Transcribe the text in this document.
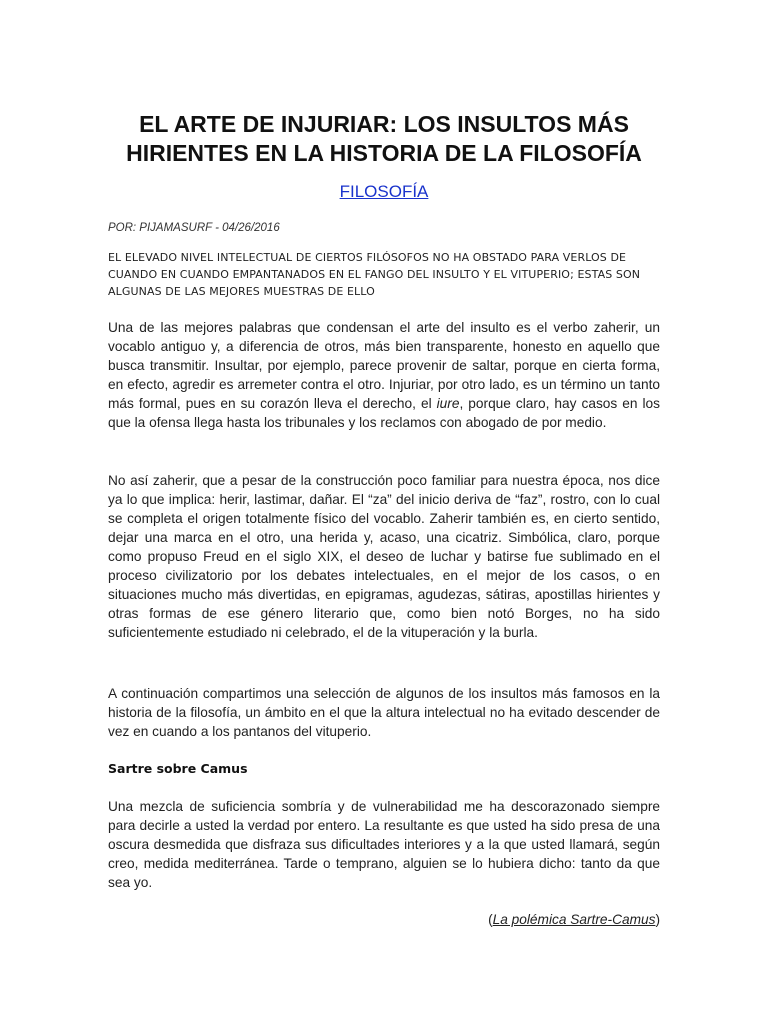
EL ARTE DE INJURIAR: LOS INSULTOS MÁS
HIRIENTES EN LA HISTORIA DE LA FILOSOFÍA
FILOSOFÍA
POR: PIJAMASURF - 04/26/2016

EL ELEVADO NIVEL INTELECTUAL DE CIERTOS FILÓSOFOS NO HA OBSTADO PARA VERLOS DE CUANDO EN CUANDO EMPANTANADOS EN EL FANGO DEL INSULTO Y EL VITUPERIO; ESTAS SON ALGUNAS DE LAS MEJORES MUESTRAS DE ELLO

Una de las mejores palabras que condensan el arte del insulto es el verbo zaherir, un vocablo antiguo y, a diferencia de otros, más bien transparente, honesto en aquello que busca transmitir. Insultar, por ejemplo, parece provenir de saltar, porque en cierta forma, en efecto, agredir es arremeter contra el otro. Injuriar, por otro lado, es un término un tanto más formal, pues en su corazón lleva el derecho, el iure, porque claro, hay casos en los que la ofensa llega hasta los tribunales y los reclamos con abogado de por medio.

No así zaherir, que a pesar de la construcción poco familiar para nuestra época, nos dice ya lo que implica: herir, lastimar, dañar. El “za” del inicio deriva de “faz”, rostro, con lo cual se completa el origen totalmente físico del vocablo. Zaherir también es, en cierto sentido, dejar una marca en el otro, una herida y, acaso, una cicatriz. Simbólica, claro, porque como propuso Freud en el siglo XIX, el deseo de luchar y batirse fue sublimado en el proceso civilizatorio por los debates intelectuales, en el mejor de los casos, o en situaciones mucho más divertidas, en epigramas, agudezas, sátiras, apostillas hirientes y otras formas de ese género literario que, como bien notó Borges, no ha sido suficientemente estudiado ni celebrado, el de la vituperación y la burla.

A continuación compartimos una selección de algunos de los insultos más famosos en la historia de la filosofía, un ámbito en el que la altura intelectual no ha evitado descender de vez en cuando a los pantanos del vituperio.

Sartre sobre Camus

Una mezcla de suficiencia sombría y de vulnerabilidad me ha descorazonado siempre para decirle a usted la verdad por entero. La resultante es que usted ha sido presa de una oscura desmedida que disfraza sus dificultades interiores y a la que usted llamará, según creo, medida mediterránea. Tarde o temprano, alguien se lo hubiera dicho: tanto da que sea yo.

(La polémica Sartre-Camus)
